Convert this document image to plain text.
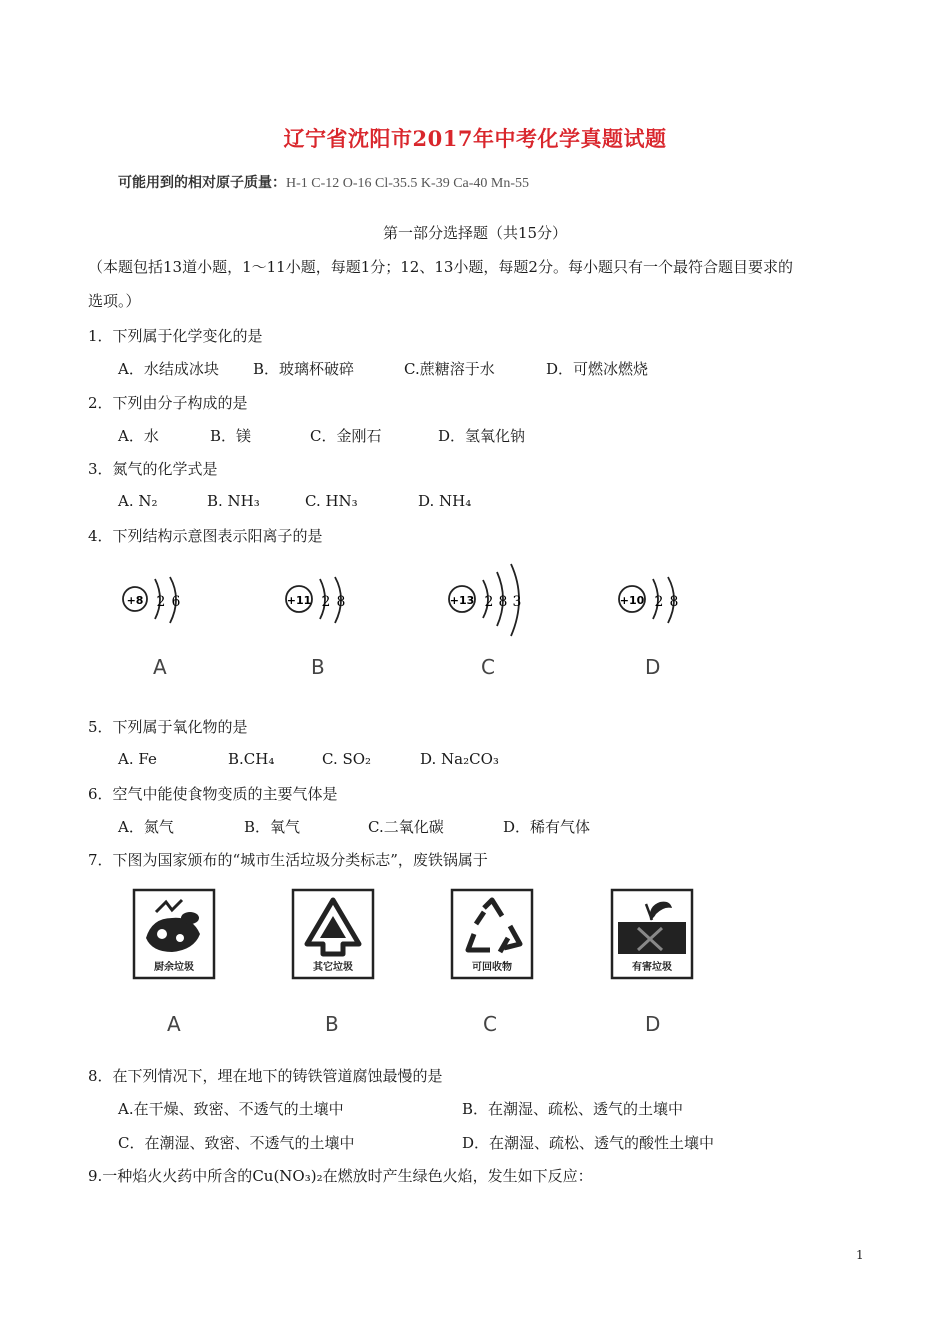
辽宁省沈阳市2017年中考化学真题试题
可能用到的相对原子质量：H-1 C-12 O-16 Cl-35.5 K-39 Ca-40 Mn-55
第一部分选择题（共15分）
（本题包括13道小题，1～11小题，每题1分；12、13小题，每题2分。每小题只有一个最符合题目要求的
选项。）
1．下列属于化学变化的是
A．水结成冰块 B．玻璃杯破碎	C.蔗糖溶于水	D．可燃冰燃烧
2．下列由分子构成的是
A．水	B．镁	C．金刚石	D．氢氧化钠
3．氮气的化学式是
A. N₂	B. NH₃	C. HN₃	D. NH₄
4．下列结构示意图表示阳离子的是
+8 2 6
A
+11 2 8
B
+13 2 8 3
C
+10 2 8
D
5．下列属于氧化物的是
A. Fe	B.CH₄	C. SO₂	D. Na₂CO₃
6．空气中能使食物变质的主要气体是
A．氮气	B．氧气	C.二氧化碳	D．稀有气体
7．下图为国家颁布的“城市生活垃圾分类标志”，废铁锅属于
厨余垃圾
A
其它垃圾
B
可回收物
C
有害垃圾
D
8．在下列情况下，埋在地下的铸铁管道腐蚀最慢的是
A.在干燥、致密、不透气的土壤中	B．在潮湿、疏松、透气的土壤中
C．在潮湿、致密、不透气的土壤中	D．在潮湿、疏松、透气的酸性土壤中
9.一种焰火火药中所含的Cu(NO₃)₂在燃放时产生绿色火焰，发生如下反应：
1
